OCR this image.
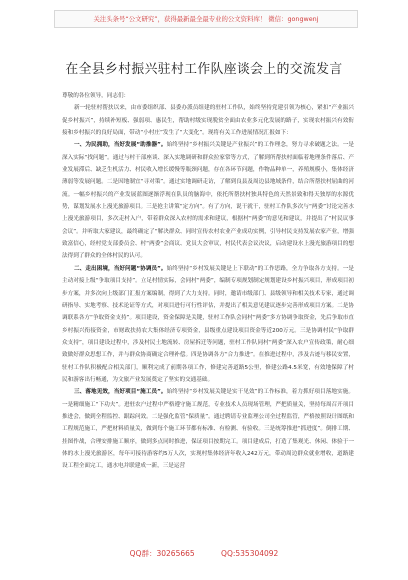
关注头条号“公文研究”，获得最新最全最专业的公文资料库！ 微信：gongwenj
在全县乡村振兴驻村工作队座谈会上的交流发言

尊敬的各位领导，同志们：

新一轮驻村帮扶以来，由市委组织部、县委办派员组建的驻村工作队，始终坚持党建引领为核心，紧扣“产业振兴促乡村振兴”，持续补短板、强弱项、惠民生，帮助村级实现脱贫全面由农业多元化发展的路子，实现农村振兴有效衔接和乡村振兴的良好局面，带动“小村庄”发生了“大变化”。现将有关工作进展情况汇报如下：

一、为民拥助，当好发展“助推器”。始终坚持“乡村振兴关键是产业振兴”的工作理念，努力寻求破题之法。一是深入实际“找问题”。通过与村干部座谈、深入实地调研和群众拉家常等方式，了解到所帮扶村面临着地理条件落后、产业发展滞后、缺乏生机活力、村民收入增长缓慢等瓶颈问题，存在各环节问题，作物品种单一，养殖规模小，集体经济薄弱等发展问题。二是因地制宜“寻对策”。通过实地调研走访，了解到良县及周边县地域条件，结合所帮扶村屈曲的河流。一幅乡村振兴的产业发展蓝图逐渐浮现在队员的脑海中，依托所帮扶村独具特色的天然景致和得天独厚的水源优势，谋划发展水上漫光旅游项目。三是抢主讲策“定方向”。有了方向，说干就干，驻村工作队多次与“两委”讨论完善水上漫光旅游项目，多次走村入户，带着群众深入农村的需求和建议，根据村“两委”的意见和建议，并提出了“村民议事会议”。并听取大家建议，最终确定了“解决群众、同时宣传农村农业产业成功实例，引导村民支持发展农家产业，增强致富信心，经村党支部委员会、村“两委”会商议、党员大会审议，村民代表会议决议，启动建设水上漫光旅游项目的想法得到了群众的全体村民的认可。

二、走出困境，当好问题“协调员”。始终坚持“乡村发展关键是上下联动”的工作思路，全力争取各方支持。一是主动对接上级“争取项目支持”。立足村情实际，会同村“两委”，编制专项规划制定规划建设乡村振兴项目，形成项目初步方案，并多次向上级部门汇报方案编制，得到了大力支持。同时，邀请市级部门、县级领导和相关技术专家，通过调研指导、实地考察、技术论证等方式，对项目进行可行性评估，并提出了相关意见建议逐步完善形成项目方案。二是协调联系各方“争取资金支持”。项目建设，资金保障是关键，驻村工作队会同村“两委”多方协调争取资金，先后争取市直乡村振兴衔接资金，市财政扶持农大集体经济专项资金，县级重点建设项目资金等近200万元。三是协调村民“争取群众支持”，项目建设过程中，涉及村民土地流转、房屋拆迁等问题，驻村工作队同村“两委”深入农户宣传政策，耐心细致做好群众思想工作，并与群众协商确定合理补偿。四是协调各方“合力推进”。在推进过程中，涉及古迹与移民安置，驻村工作队积极配合相关部门，顺利完成了前期各项工作，修建完善道路5公里，修建公路4.5米宽，有效地保障了村民和游客出行畅通，为文旅产业发展奠定了坚实的交通基础。

三、落地见效，当好项目“施工员”。始终坚持“乡村发展关键是实干见效”的工作标准，着力抓好项目落地实施。一是精细施工“下功夫”。进驻农户过程中严格遵守施工规范，专业技术人员现场管理，严把质量关，坚持每周召开项目推进会，做到全程监控、跟踪问效。二是强化监管“保质量”。通过聘请专业监理公司全过程监管，严格按照设计图纸和工程规范施工，严把材料质量关，做到每个施工环节都有标准、有检测、有验收。三是统筹推进“抓进度”。倒排工期、挂图作战，合理安排施工顺序，做到多点同时推进，保证项目按期完工。项目建成后，打造了集观光、休闲、体验于一体的水上漫光旅游区，每年可接待游客约5万人次，实现村集体经济年收入242万元，带动周边群众就业增收，道路建设工程全面完工，通水电并联建成一新，三是运营

QQ群：30265665	QQ:535304092
